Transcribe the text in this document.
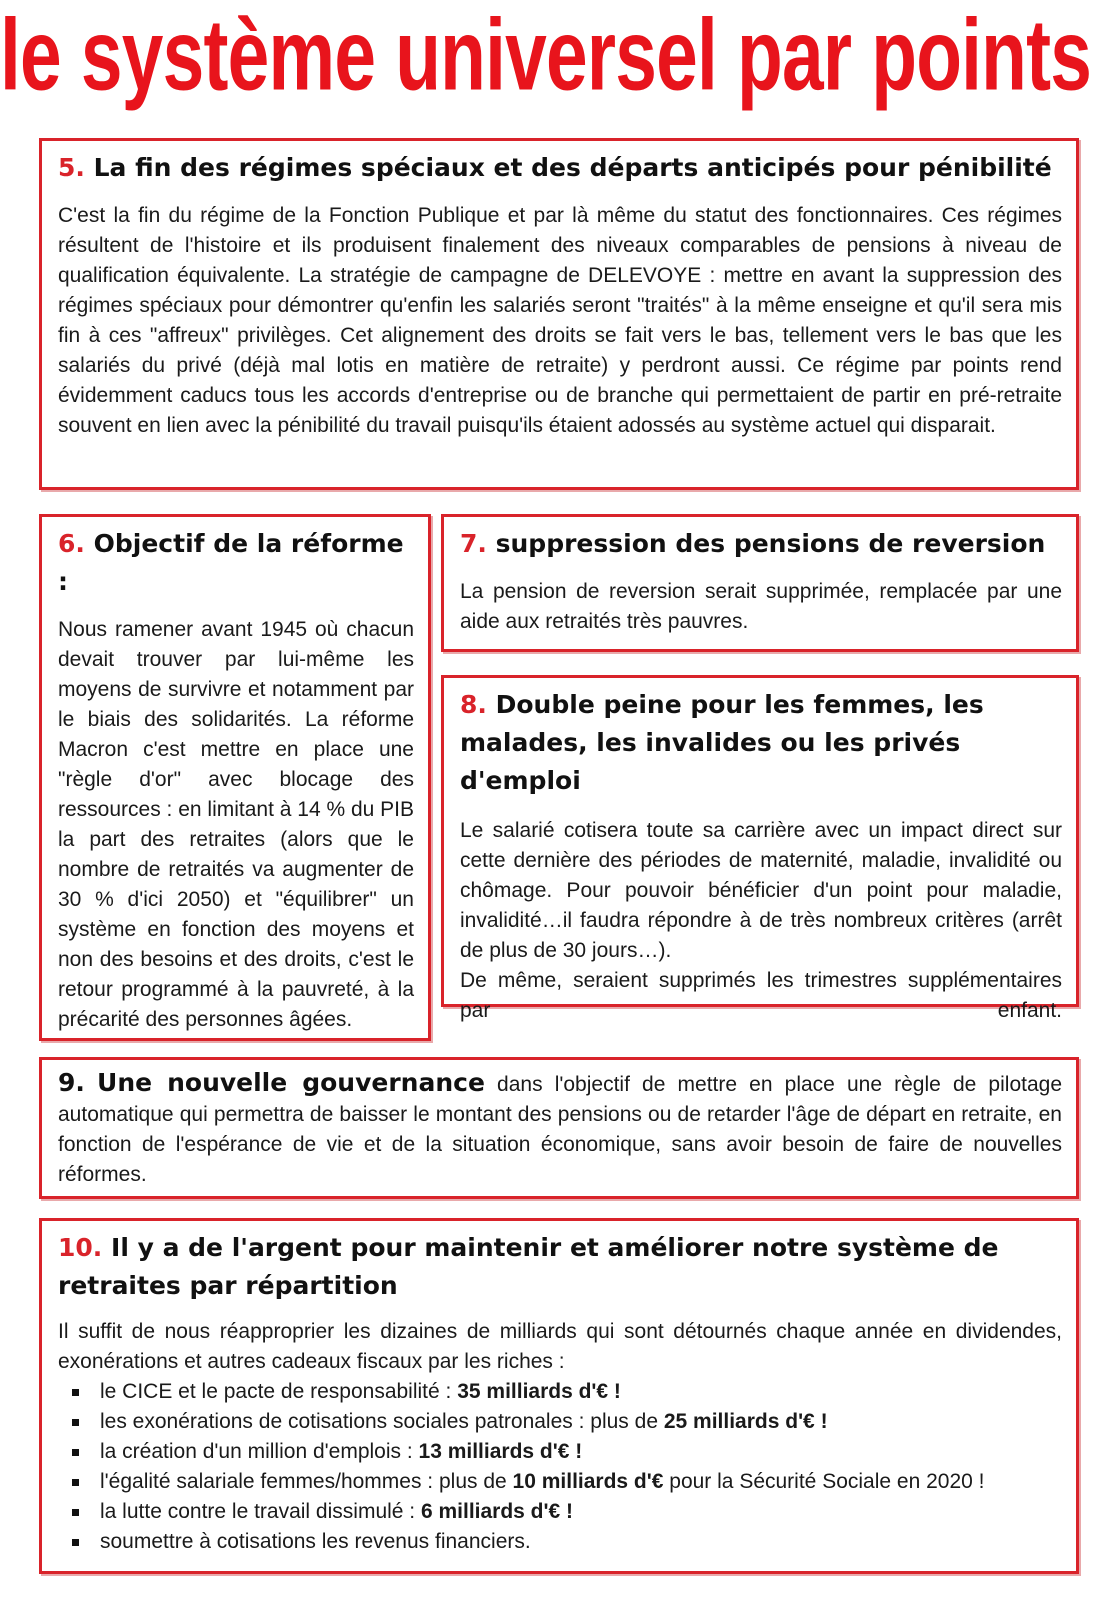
le système universel par points
5. La fin des régimes spéciaux et des départs anticipés pour pénibilité

C'est la fin du régime de la Fonction Publique et par là même du statut des fonctionnaires. Ces régimes résultent de l'histoire et ils produisent finalement des niveaux comparables de pensions à niveau de qualification équivalente. La stratégie de campagne de DELEVOYE : mettre en avant la suppression des régimes spéciaux pour démontrer qu'enfin les salariés seront "traités" à la même enseigne et qu'il sera mis fin à ces "affreux" privilèges. Cet alignement des droits se fait vers le bas, tellement vers le bas que les salariés du privé (déjà mal lotis en matière de retraite) y perdront aussi. Ce régime par points rend évidemment caducs tous les accords d'entreprise ou de branche qui permettaient de partir en pré-retraite souvent en lien avec la pénibilité du travail puisqu'ils étaient adossés au système actuel qui disparait.

6. Objectif de la réforme :

Nous ramener avant 1945 où chacun devait trouver par lui-même les moyens de survivre et notamment par le biais des solidarités. La réforme Macron c'est mettre en place une "règle d'or" avec blocage des ressources : en limitant à 14 % du PIB la part des retraites (alors que le nombre de retraités va augmenter de 30 % d'ici 2050) et "équilibrer" un système en fonction des moyens et non des besoins et des droits, c'est le retour programmé à la pauvreté, à la précarité des personnes âgées.

7. suppression des pensions de reversion

La pension de reversion serait supprimée, remplacée par une aide aux retraités très pauvres.

8. Double peine pour les femmes, les malades, les invalides ou les privés d'emploi

Le salarié cotisera toute sa carrière avec un impact direct sur cette dernière des périodes de maternité, maladie, invalidité ou chômage. Pour pouvoir bénéficier d'un point pour maladie, invalidité…il faudra répondre à de très nombreux critères (arrêt de plus de 30 jours…).

De même, seraient supprimés les trimestres supplémentaires par enfant.

9. Une nouvelle gouvernance dans l'objectif de mettre en place une règle de pilotage automatique qui permettra de baisser le montant des pensions ou de retarder l'âge de départ en retraite, en fonction de l'espérance de vie et de la situation économique, sans avoir besoin de faire de nouvelles réformes.

10. Il y a de l'argent pour maintenir et améliorer notre système de retraites par répartition

Il suffit de nous réapproprier les dizaines de milliards qui sont détournés chaque année en dividendes, exonérations et autres cadeaux fiscaux par les riches :

le CICE et le pacte de responsabilité : 35 milliards d'€ !
les exonérations de cotisations sociales patronales : plus de 25 milliards d'€ !
la création d'un million d'emplois : 13 milliards d'€ !
l'égalité salariale femmes/hommes : plus de 10 milliards d'€ pour la Sécurité Sociale en 2020 !
la lutte contre le travail dissimulé : 6 milliards d'€ !
soumettre à cotisations les revenus financiers.
